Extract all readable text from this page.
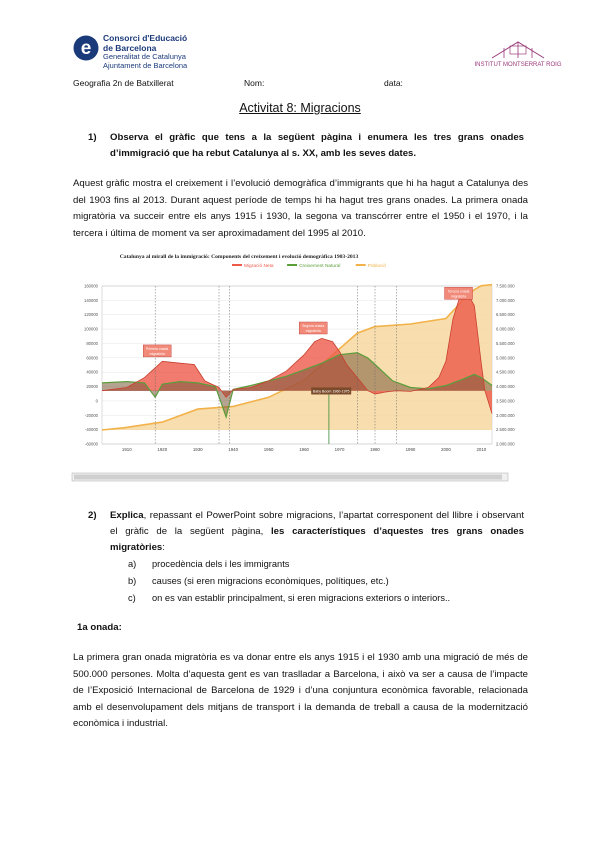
e Consorci d'Educació
de Barcelona
Generalitat de Catalunya
Ajuntament de Barcelona	INSTITUT MONTSERRAT ROIG
Geografia 2n de Batxillerat	Nom:	data:
Activitat 8: Migracions
1) Observa el gràfic que tens a la següent pàgina i enumera les tres grans onades d’immigració que ha rebut Catalunya al s. XX, amb les seves dates.
Aquest gràfic mostra el creixement i l’evolució demogràfica d’immigrants que hi ha hagut a Catalunya des del 1903 fins al 2013. Durant aquest període de temps hi ha hagut tres grans onades. La primera onada migratòria va succeir entre els anys 1915 i 1930, la segona va transcórrer entre el 1950 i el 1970, i la tercera i última de moment va ser aproximadament del 1995 al 2010.
Catalunya al mirall de la immigració: Components del creixement i evolució demogràfica 1903-2013
Migració Neta	Creixement Natural	Població
160000
140000
120000
100000
80000
60000
40000
20000
0
-20000
-40000
-60000
7.500.000
7.000.000
6.500.000
6.000.000
5.500.000
5.000.000
4.500.000
4.000.000
3.500.000
3.000.000
2.500.000
2.000.000
Primera onada
migratòria
Segona onada
migratòria
Tercera onada
migratòria
Baby Boom 1960-1975
1910	1920	1930	1940	1950	1960	1970	1980	1990	2000	2010
2) Explica, repassant el PowerPoint sobre migracions, l’apartat corresponent del llibre i observant el gràfic de la següent pàgina, les característiques d’aquestes tres grans onades migratòries:
a) procedència dels i les immigrants
b) causes (si eren migracions econòmiques, polítiques, etc.)
c) on es van establir principalment, si eren migracions exteriors o interiors..
1a onada:
La primera gran onada migratòria es va donar entre els anys 1915 i el 1930 amb una migració de més de 500.000 persones. Molta d’aquesta gent es van traslladar a Barcelona, i això va ser a causa de l’impacte de l’Exposició Internacional de Barcelona de 1929 i d’una conjuntura econòmica favorable, relacionada amb el desenvolupament dels mitjans de transport i la demanda de treball a causa de la modernització econòmica i industrial.
